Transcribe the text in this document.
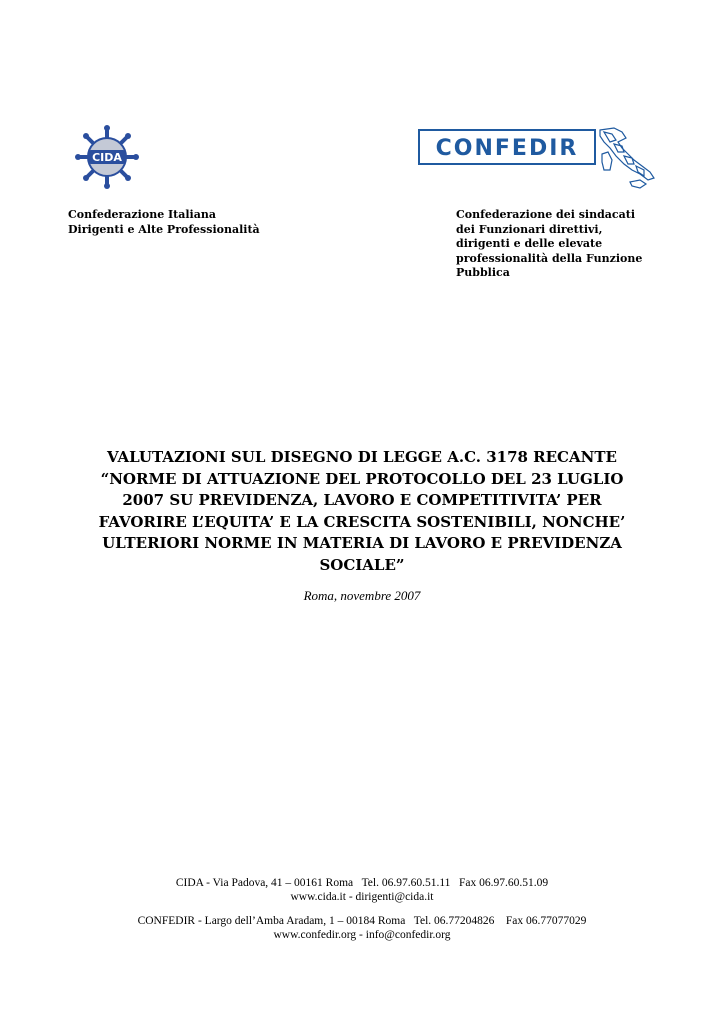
CIDA	CONFEDIR
Confederazione Italiana
Dirigenti e Alte Professionalità
Confederazione dei sindacati
dei Funzionari direttivi,
dirigenti e delle elevate
professionalità della Funzione
Pubblica
VALUTAZIONI SUL DISEGNO DI LEGGE A.C. 3178 RECANTE
“NORME DI ATTUAZIONE DEL PROTOCOLLO DEL 23 LUGLIO
2007 SU PREVIDENZA, LAVORO E COMPETITIVITA’ PER
FAVORIRE L’EQUITA’ E LA CRESCITA SOSTENIBILI, NONCHE’
ULTERIORI NORME IN MATERIA DI LAVORO E PREVIDENZA
SOCIALE”
Roma, novembre 2007
CIDA - Via Padova, 41 – 00161 Roma   Tel. 06.97.60.51.11   Fax 06.97.60.51.09
www.cida.it - dirigenti@cida.it
CONFEDIR - Largo dell’Amba Aradam, 1 – 00184 Roma   Tel. 06.77204826    Fax 06.77077029
www.confedir.org - info@confedir.org
